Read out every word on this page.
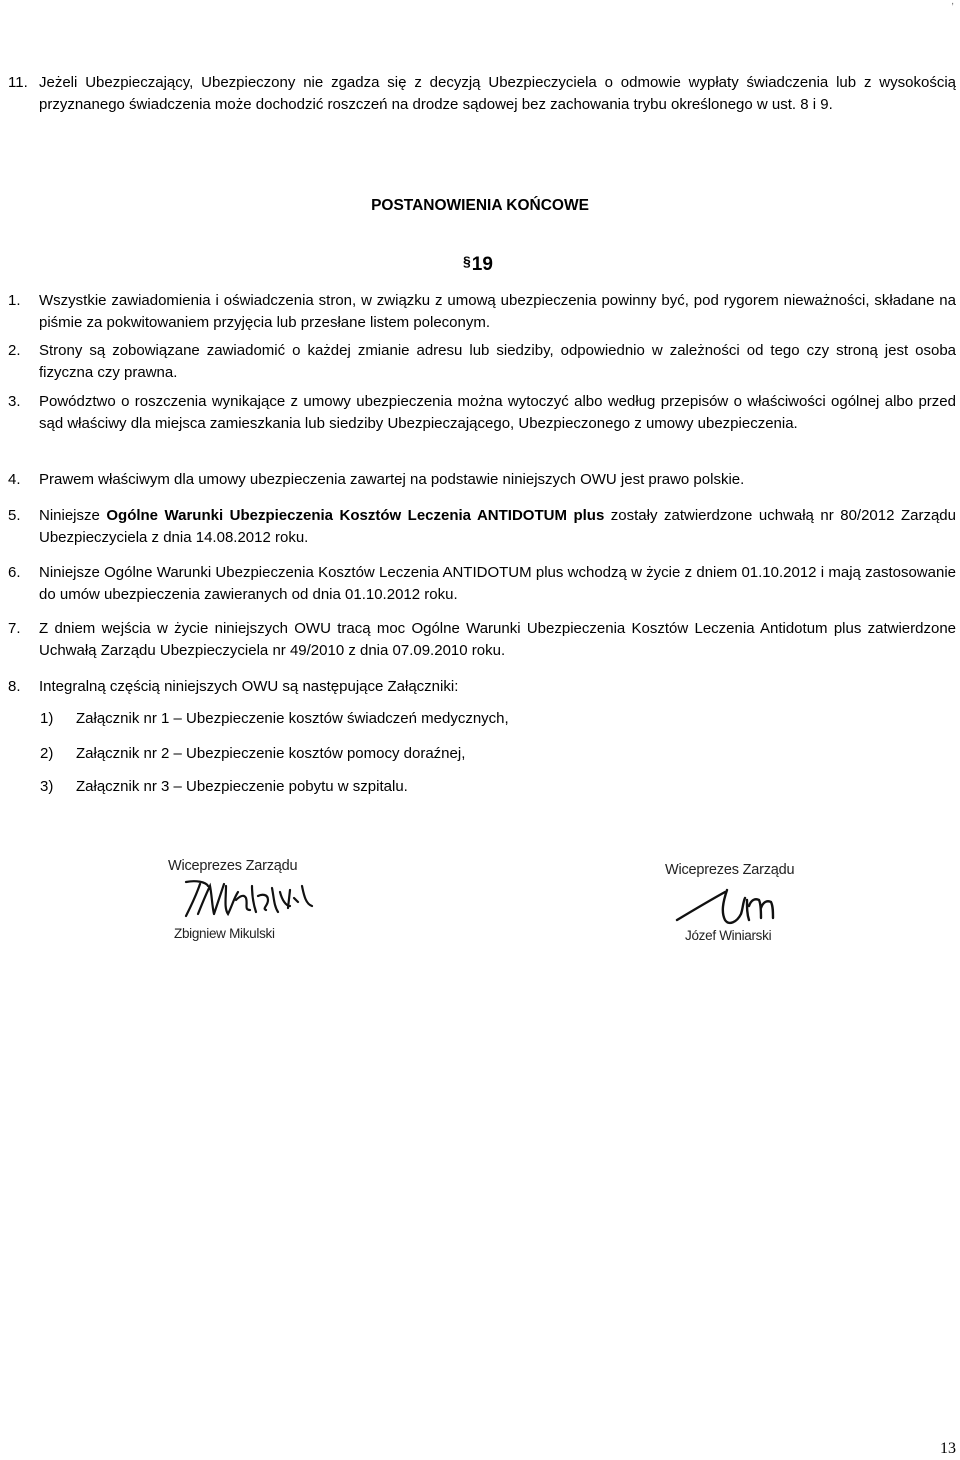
,
11. Jeżeli Ubezpieczający, Ubezpieczony nie zgadza się z decyzją Ubezpieczyciela o odmowie wypłaty świadczenia lub z wysokością przyznanego świadczenia może dochodzić roszczeń na drodze sądowej bez zachowania trybu określonego w ust. 8 i 9.
POSTANOWIENIA KOŃCOWE
§19
1. Wszystkie zawiadomienia i oświadczenia stron, w związku z umową ubezpieczenia powinny być, pod rygorem nieważności, składane na piśmie za pokwitowaniem przyjęcia lub przesłane listem poleconym.
2. Strony są zobowiązane zawiadomić o każdej zmianie adresu lub siedziby, odpowiednio w zależności od tego czy stroną jest osoba fizyczna czy prawna.
3. Powództwo o roszczenia wynikające z umowy ubezpieczenia można wytoczyć albo według przepisów o właściwości ogólnej albo przed sąd właściwy dla miejsca zamieszkania lub siedziby Ubezpieczającego, Ubezpieczonego z umowy ubezpieczenia.
4. Prawem właściwym dla umowy ubezpieczenia zawartej na podstawie niniejszych OWU jest prawo polskie.
5. Niniejsze Ogólne Warunki Ubezpieczenia Kosztów Leczenia ANTIDOTUM plus zostały zatwierdzone uchwałą nr 80/2012 Zarządu Ubezpieczyciela z dnia 14.08.2012 roku.
6. Niniejsze Ogólne Warunki Ubezpieczenia Kosztów Leczenia ANTIDOTUM plus wchodzą w życie z dniem 01.10.2012 i mają zastosowanie do umów ubezpieczenia zawieranych od dnia 01.10.2012 roku.
7. Z dniem wejścia w życie niniejszych OWU tracą moc Ogólne Warunki Ubezpieczenia Kosztów Leczenia Antidotum plus zatwierdzone Uchwałą Zarządu Ubezpieczyciela nr 49/2010 z dnia 07.09.2010 roku.
8. Integralną częścią niniejszych OWU są następujące Załączniki:
1) Załącznik nr 1 – Ubezpieczenie kosztów świadczeń medycznych,
2) Załącznik nr 2 – Ubezpieczenie kosztów pomocy doraźnej,
3) Załącznik nr 3 – Ubezpieczenie pobytu w szpitalu.
Wiceprezes Zarządu
Zbigniew Mikulski
Wiceprezes Zarządu
Józef Winiarski
13
